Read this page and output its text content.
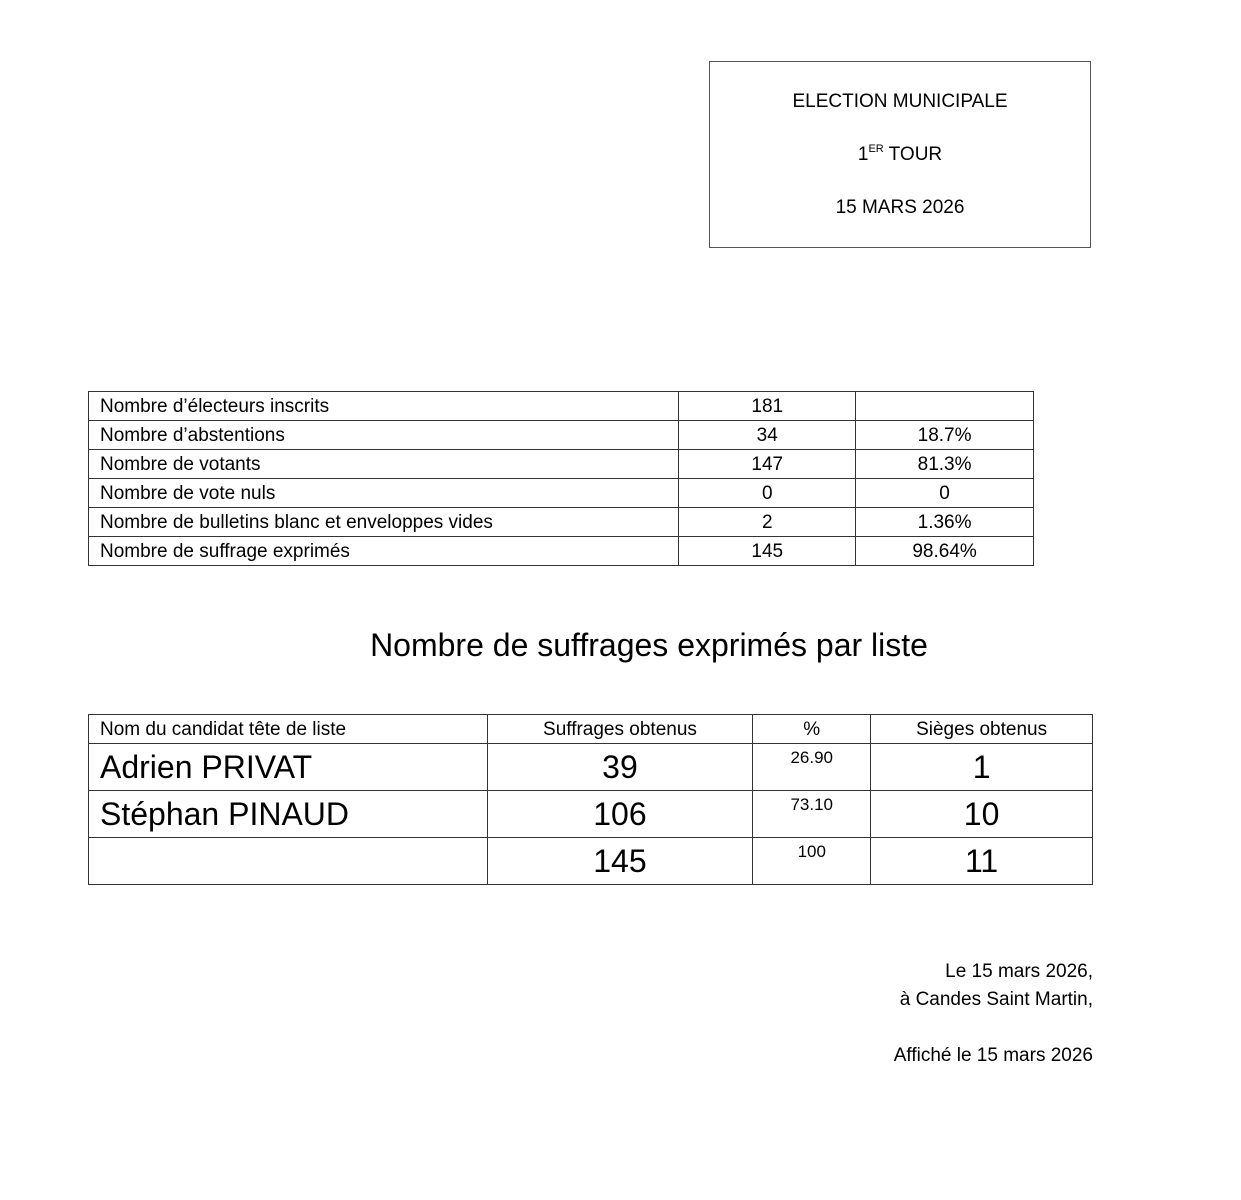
ELECTION MUNICIPALE
1ER TOUR
15 MARS 2026
Nombre d’électeurs inscrits	181	
Nombre d’abstentions	34	18.7%
Nombre de votants	147	81.3%
Nombre de vote nuls	0	0
Nombre de bulletins blanc et enveloppes vides	2	1.36%
Nombre de suffrage exprimés	145	98.64%
Nombre de suffrages exprimés par liste
Nom du candidat tête de liste	Suffrages obtenus	%	Sièges obtenus
Adrien PRIVAT	39	26.90	1
Stéphan PINAUD	106	73.10	10
	145	100	11
Le 15 mars 2026,
à Candes Saint Martin,
Affiché le 15 mars 2026
